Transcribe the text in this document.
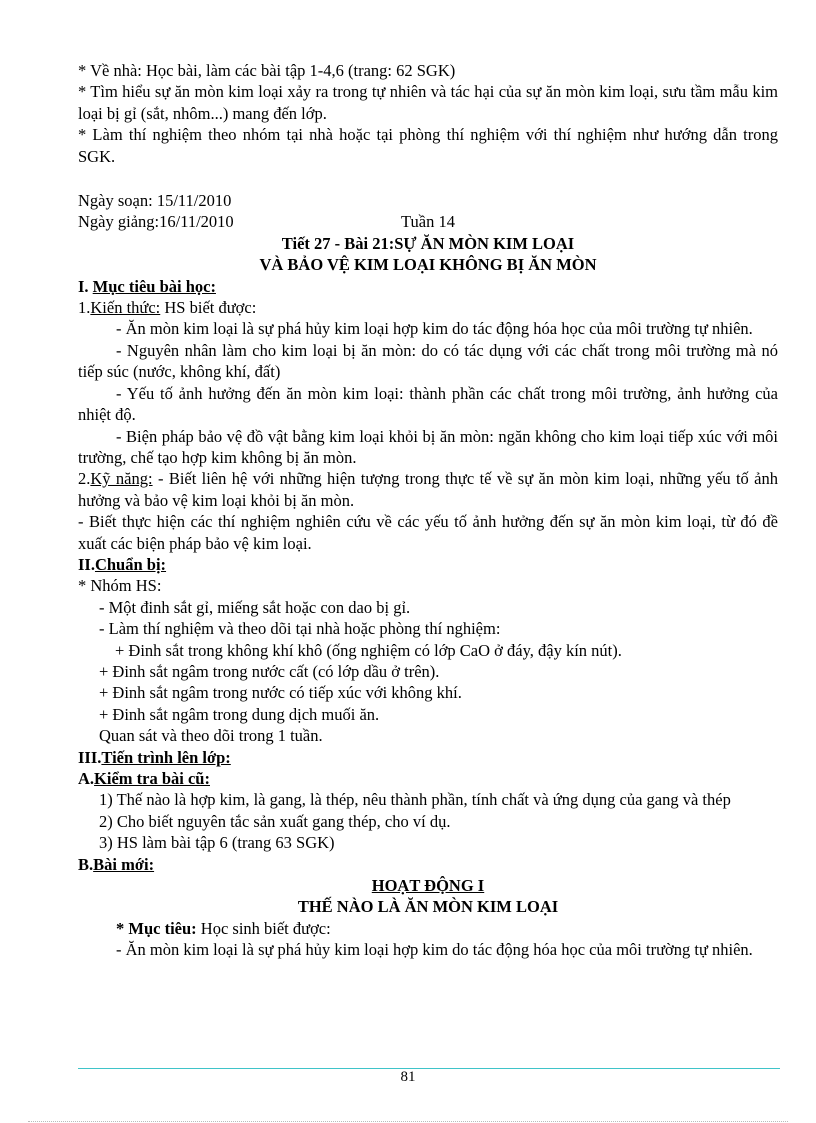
* Về nhà: Học bài, làm các bài tập 1-4,6 (trang: 62 SGK)

* Tìm hiểu sự ăn mòn kim loại xảy ra trong tự nhiên và tác hại của sự ăn mòn kim loại, sưu tầm mẫu kim loại bị gỉ (sắt, nhôm...) mang đến lớp.

* Làm thí nghiệm theo nhóm tại nhà hoặc tại phòng thí nghiệm với thí nghiệm như hướng dẫn trong SGK.

Ngày soạn: 15/11/2010

Ngày giảng:16/11/2010	Tuần 14

Tiết 27 - Bài 21:SỰ ĂN MÒN KIM LOẠI

VÀ BẢO VỆ KIM LOẠI KHÔNG BỊ ĂN MÒN

I. Mục tiêu bài học:

1.Kiến thức: HS biết được:

- Ăn mòn kim loại là sự phá hủy kim loại hợp kim do tác động hóa học của môi trường tự nhiên.

- Nguyên nhân làm cho kim loại bị ăn mòn: do có tác dụng với các chất trong môi trường mà nó tiếp súc (nước, không khí, đất)

- Yếu tố ảnh hưởng đến ăn mòn kim loại: thành phần các chất trong môi trường, ảnh hưởng của nhiệt độ.

- Biện pháp bảo vệ đồ vật bằng kim loại khỏi bị ăn mòn: ngăn không cho kim loại tiếp xúc với môi trường, chế tạo hợp kim không bị ăn mòn.

2.Kỹ năng: - Biết liên hệ với những hiện tượng trong thực tế về sự ăn mòn kim loại, những yếu tố ảnh hưởng và bảo vệ kim loại khỏi bị ăn mòn.

- Biết thực hiện các thí nghiệm nghiên cứu về các yếu tố ảnh hưởng đến sự ăn mòn kim loại, từ đó đề xuất các biện pháp bảo vệ kim loại.

II.Chuẩn bị:

* Nhóm HS:

- Một đinh sắt gỉ, miếng sắt hoặc con dao bị gỉ.

- Làm thí nghiệm và theo dõi tại nhà hoặc phòng thí nghiệm:

+ Đinh sắt trong không khí khô (ống nghiệm có lớp CaO ở đáy, đậy kín nút).

+ Đinh sắt ngâm trong nước cất (có lớp dầu ở trên).

+ Đinh sắt ngâm trong nước có tiếp xúc với không khí.

+ Đinh sắt ngâm trong dung dịch muối ăn.

Quan sát và theo dõi trong 1 tuần.

III.Tiến trình lên lớp:

A.Kiểm tra bài cũ:

1) Thế nào là hợp kim, là gang, là thép, nêu thành phần, tính chất và ứng dụng của gang và thép

2) Cho biết nguyên tắc sản xuất gang thép, cho ví dụ.

3) HS làm bài tập 6 (trang 63 SGK)

B.Bài mới:

HOẠT ĐỘNG I

THẾ NÀO LÀ ĂN MÒN KIM LOẠI

* Mục tiêu: Học sinh biết được:

- Ăn mòn kim loại là sự phá hủy kim loại hợp kim do tác động hóa học của môi trường tự nhiên.

81
